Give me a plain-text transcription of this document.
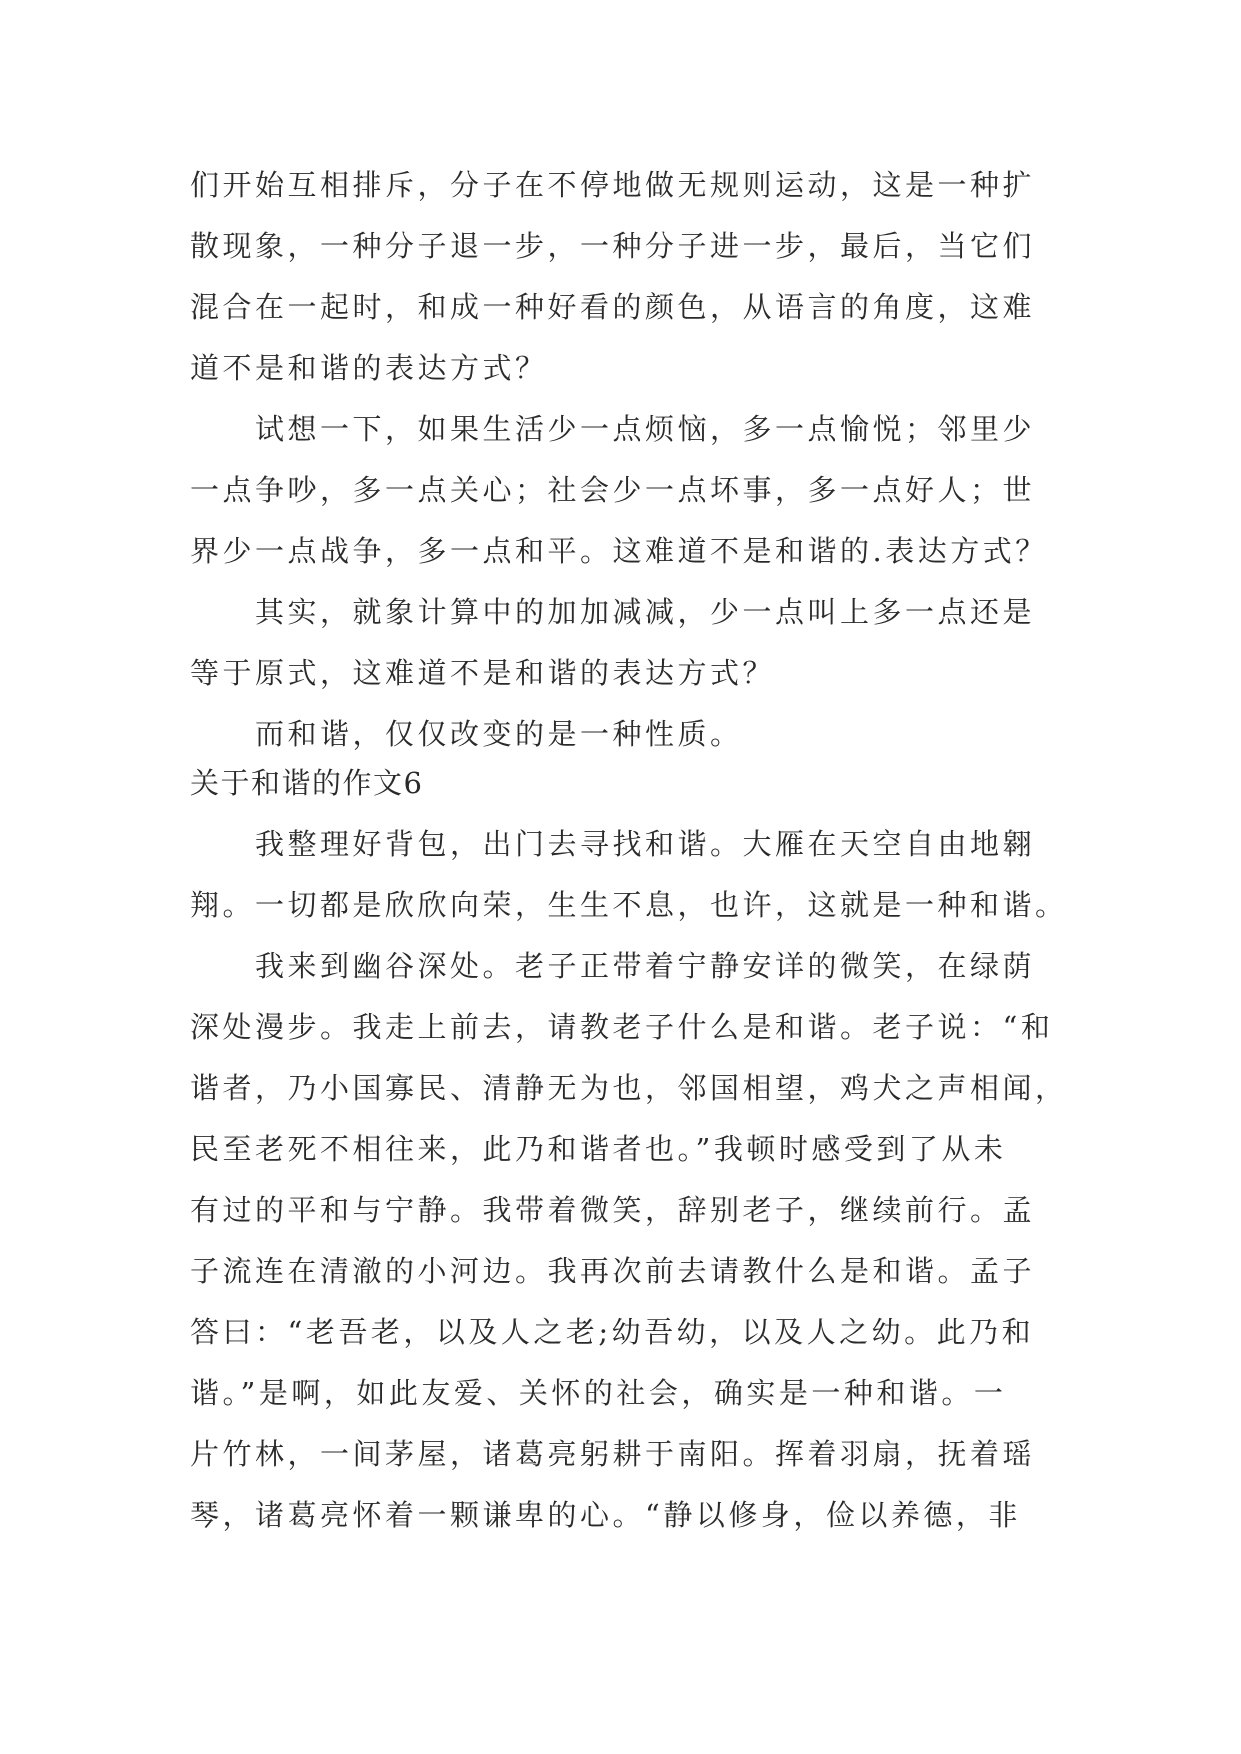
们开始互相排斥，分子在不停地做无规则运动，这是一种扩
散现象，一种分子退一步，一种分子进一步，最后，当它们
混合在一起时，和成一种好看的颜色，从语言的角度，这难
道不是和谐的表达方式？
　　试想一下，如果生活少一点烦恼，多一点愉悦；邻里少
一点争吵，多一点关心；社会少一点坏事，多一点好人；世
界少一点战争，多一点和平。这难道不是和谐的.表达方式？
　　其实，就象计算中的加加减减，少一点叫上多一点还是
等于原式，这难道不是和谐的表达方式？
　　而和谐，仅仅改变的是一种性质。
关于和谐的作文6
　　我整理好背包，出门去寻找和谐。大雁在天空自由地翱
翔。一切都是欣欣向荣，生生不息，也许，这就是一种和谐。
　　我来到幽谷深处。老子正带着宁静安详的微笑，在绿荫
深处漫步。我走上前去，请教老子什么是和谐。老子说：“和
谐者，乃小国寡民、清静无为也，邻国相望，鸡犬之声相闻，
民至老死不相往来，此乃和谐者也。”我顿时感受到了从未
有过的平和与宁静。我带着微笑，辞别老子，继续前行。孟
子流连在清澈的小河边。我再次前去请教什么是和谐。孟子
答曰：“老吾老，以及人之老;幼吾幼，以及人之幼。此乃和
谐。”是啊，如此友爱、关怀的社会，确实是一种和谐。一
片竹林，一间茅屋，诸葛亮躬耕于南阳。挥着羽扇，抚着瑶
琴，诸葛亮怀着一颗谦卑的心。“静以修身，俭以养德，非
